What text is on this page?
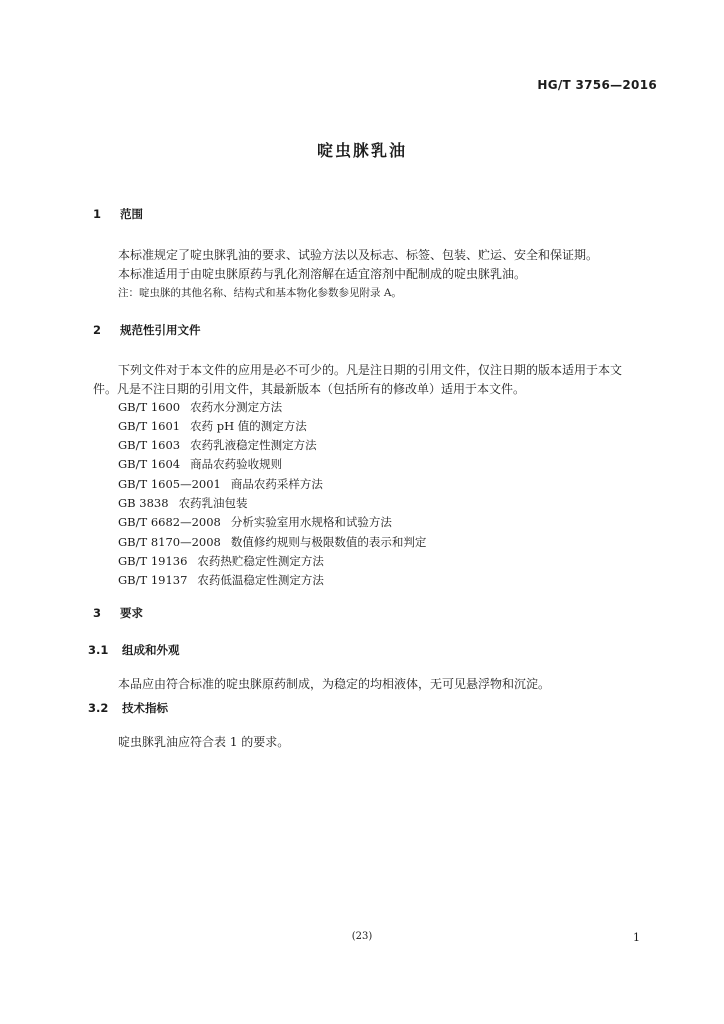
HG/T 3756—2016
啶虫脒乳油
1 范围
本标准规定了啶虫脒乳油的要求、试验方法以及标志、标签、包装、贮运、安全和保证期。
本标准适用于由啶虫脒原药与乳化剂溶解在适宜溶剂中配制成的啶虫脒乳油。
注：啶虫脒的其他名称、结构式和基本物化参数参见附录 A。
2 规范性引用文件
下列文件对于本文件的应用是必不可少的。凡是注日期的引用文件，仅注日期的版本适用于本文
件。凡是不注日期的引用文件，其最新版本（包括所有的修改单）适用于本文件。
GB/T 1600 农药水分测定方法
GB/T 1601 农药 pH 值的测定方法
GB/T 1603 农药乳液稳定性测定方法
GB/T 1604 商品农药验收规则
GB/T 1605—2001 商品农药采样方法
GB 3838 农药乳油包装
GB/T 6682—2008 分析实验室用水规格和试验方法
GB/T 8170—2008 数值修约规则与极限数值的表示和判定
GB/T 19136 农药热贮稳定性测定方法
GB/T 19137 农药低温稳定性测定方法
3 要求
3.1 组成和外观
本品应由符合标准的啶虫脒原药制成，为稳定的均相液体，无可见悬浮物和沉淀。
3.2 技术指标
啶虫脒乳油应符合表 1 的要求。
(23)	1
